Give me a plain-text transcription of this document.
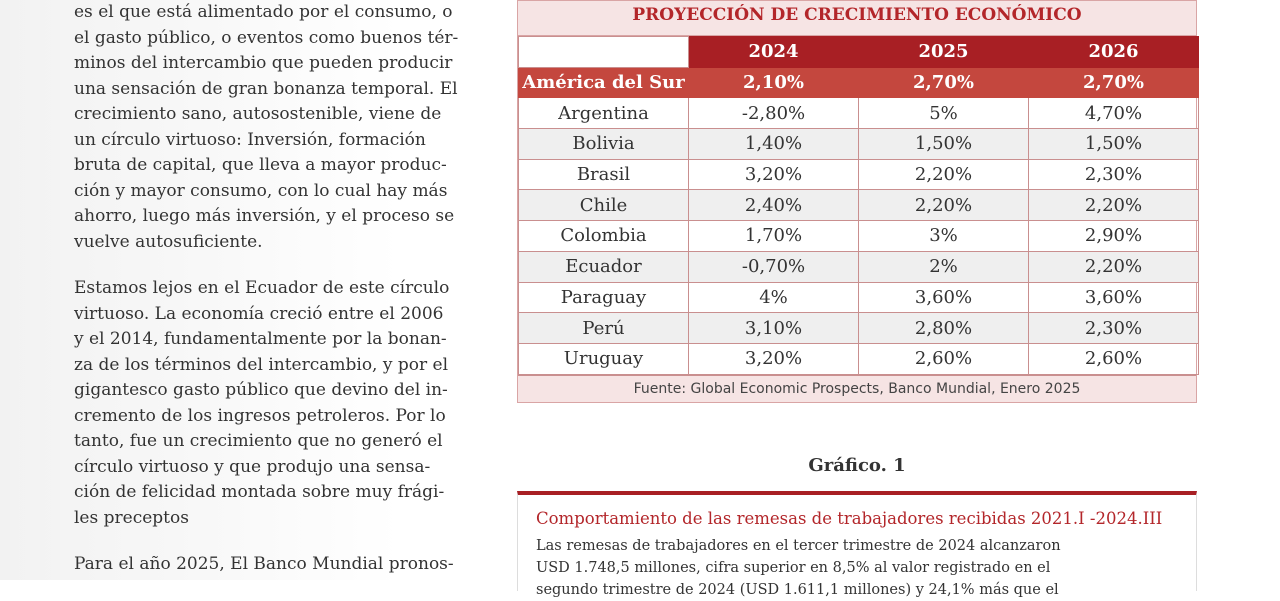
es el que está alimentado por el consumo, o
el gasto público, o eventos como buenos tér-
minos del intercambio que pueden producir
una sensación de gran bonanza temporal. El
crecimiento sano, autosostenible, viene de
un círculo virtuoso: Inversión, formación
bruta de capital, que lleva a mayor produc-
ción y mayor consumo, con lo cual hay más
ahorro, luego más inversión, y el proceso se
vuelve autosuficiente.

Estamos lejos en el Ecuador de este círculo
virtuoso. La economía creció entre el 2006
y el 2014, fundamentalmente por la bonan-
za de los términos del intercambio, y por el
gigantesco gasto público que devino del in-
cremento de los ingresos petroleros. Por lo
tanto, fue un crecimiento que no generó el
círculo virtuoso y que produjo una sensa-
ción de felicidad montada sobre muy frági-
les preceptos

Para el año 2025, El Banco Mundial pronos-

PROYECCIÓN DE CRECIMIENTO ECONÓMICO
	2024	2025	2026
América del Sur	2,10%	2,70%	2,70%
Argentina	-2,80%	5%	4,70%
Bolivia	1,40%	1,50%	1,50%
Brasil	3,20%	2,20%	2,30%
Chile	2,40%	2,20%	2,20%
Colombia	1,70%	3%	2,90%
Ecuador	-0,70%	2%	2,20%
Paraguay	4%	3,60%	3,60%
Perú	3,10%	2,80%	2,30%
Uruguay	3,20%	2,60%	2,60%
Fuente: Global Economic Prospects, Banco Mundial, Enero 2025
Gráfico. 1
Comportamiento de las remesas de trabajadores recibidas 2021.I -2024.III
Las remesas de trabajadores en el tercer trimestre de 2024 alcanzaron
USD 1.748,5 millones, cifra superior en 8,5% al valor registrado en el
segundo trimestre de 2024 (USD 1.611,1 millones) y 24,1% más que el
